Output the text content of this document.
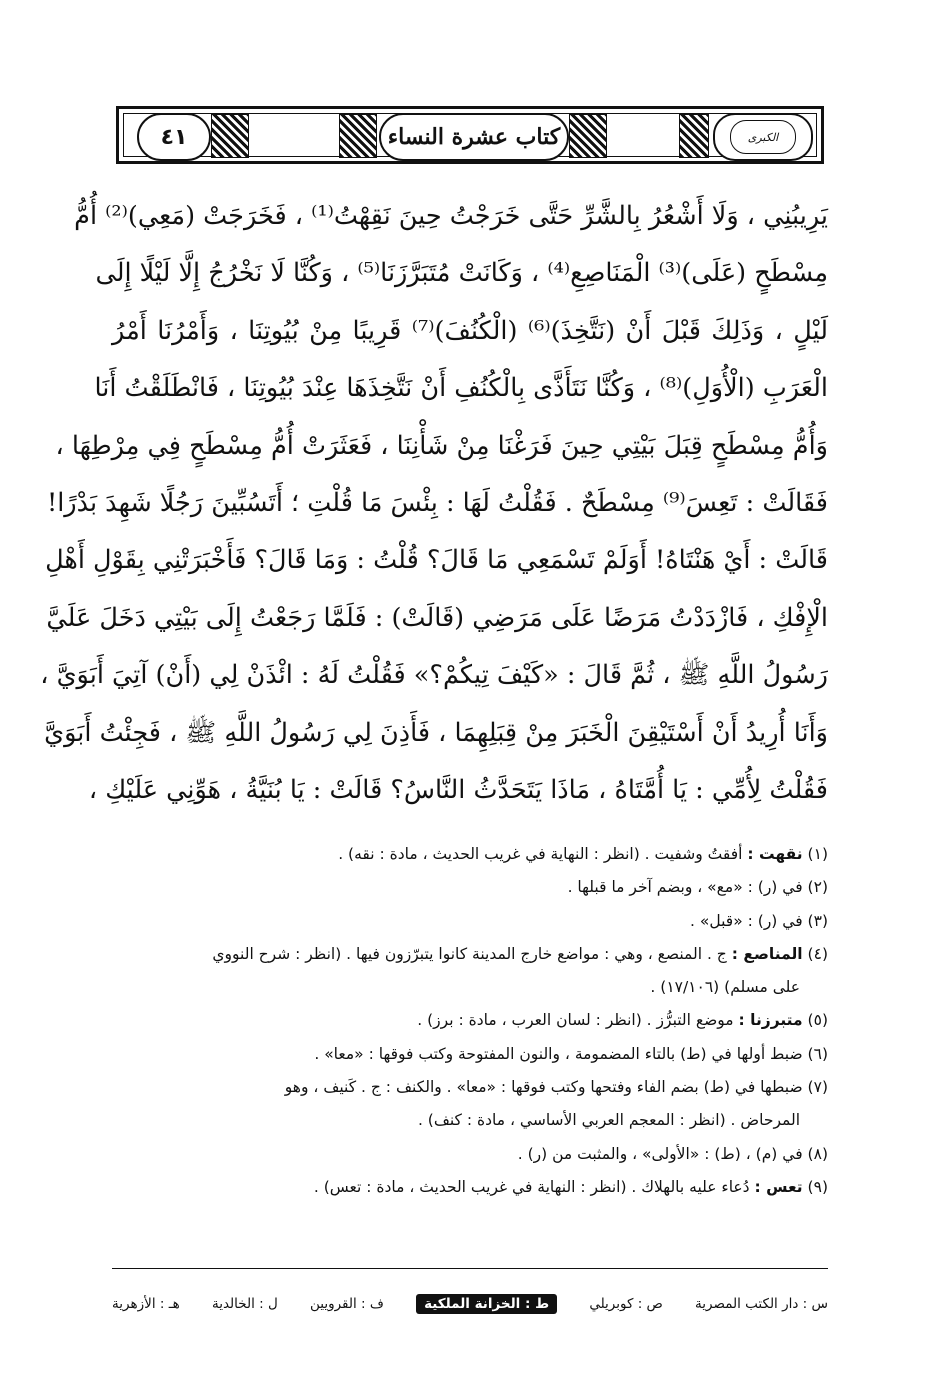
٤١	كتاب عشرة النساء	الكبرى
يَرِيبُنِي ، وَلَا أَشْعُرُ بِالشَّرِّ حَتَّى خَرَجْتُ حِينَ نَقِهْتُ⁽¹⁾ ، فَخَرَجَتْ (مَعِي)⁽²⁾ أُمُّ
مِسْطَحٍ (عَلَى)⁽³⁾ الْمَنَاصِعِ⁽⁴⁾ ، وَكَانَتْ مُتَبَرَّزَنَا⁽⁵⁾ ، وَكُنَّا لَا نَخْرُجُ إِلَّا لَيْلًا إِلَى
لَيْلٍ ، وَذَلِكَ قَبْلَ أَنْ (نَتَّخِذَ)⁽⁶⁾ (الْكُنُفَ)⁽⁷⁾ قَرِيبًا مِنْ بُيُوتِنَا ، وَأَمْرُنَا أَمْرُ
الْعَرَبِ (الْأُوَلِ)⁽⁸⁾ ، وَكُنَّا نَتَأَذَّى بِالْكُنُفِ أَنْ نَتَّخِذَهَا عِنْدَ بُيُوتِنَا ، فَانْطَلَقْتُ أَنَا
وَأُمُّ مِسْطَحٍ قِبَلَ بَيْتِي حِينَ فَرَغْنَا مِنْ شَأْنِنَا ، فَعَثَرَتْ أُمُّ مِسْطَحٍ فِي مِرْطِهَا ،
فَقَالَتْ : تَعِسَ⁽⁹⁾ مِسْطَحٌ . فَقُلْتُ لَهَا : بِئْسَ مَا قُلْتِ ؛ أَتَسُبِّينَ رَجُلًا شَهِدَ بَدْرًا!
قَالَتْ : أَيْ هَنْتَاهُ! أَوَلَمْ تَسْمَعِي مَا قَالَ؟ قُلْتُ : وَمَا قَالَ؟ فَأَخْبَرَتْنِي بِقَوْلِ أَهْلِ
الْإِفْكِ ، فَازْدَدْتُ مَرَضًا عَلَى مَرَضِي (قَالَتْ) : فَلَمَّا رَجَعْتُ إِلَى بَيْتِي دَخَلَ عَلَيَّ
رَسُولُ اللَّهِ ﷺ ، ثُمَّ قَالَ : «كَيْفَ تِيكُمْ؟» فَقُلْتُ لَهُ : ائْذَنْ لِي (أَنْ) آتِيَ أَبَوَيَّ ،
وَأَنَا أُرِيدُ أَنْ أَسْتَيْقِنَ الْخَبَرَ مِنْ قِبَلِهِمَا ، فَأَذِنَ لِي رَسُولُ اللَّهِ ﷺ ، فَجِئْتُ أَبَوَيَّ
فَقُلْتُ لِأُمِّي : يَا أُمَّتَاهُ ، مَاذَا يَتَحَدَّثُ النَّاسُ؟ قَالَتْ : يَا بُنَيَّةُ ، هَوِّنِي عَلَيْكِ ،
(١) نقهت : أفقتُ وشفيت . (انظر : النهاية في غريب الحديث ، مادة : نقه) .
(٢) في (ر) : «مع» ، وبضم آخر ما قبلها .
(٣) في (ر) : «قبل» .
(٤) المناصع : ج . المنصع ، وهي : مواضع خارج المدينة كانوا يتبرّزون فيها . (انظر : شرح النووي
على مسلم) (١٧/١٠٦) .
(٥) متبرزنا : موضع التبرُّز . (انظر : لسان العرب ، مادة : برز) .
(٦) ضبط أولها في (ط) بالتاء المضمومة ، والنون المفتوحة وكتب فوقها : «معا» .
(٧) ضبطها في (ط) بضم الفاء وفتحها وكتب فوقها : «معا» . والكنف : ج . كَنيف ، وهو
المرحاض . (انظر : المعجم العربي الأساسي ، مادة : كنف) .
(٨) في (م) ، (ط) : «الأولى» ، والمثبت من (ر) .
(٩) تعس : دُعاء عليه بالهلاك . (انظر : النهاية في غريب الحديث ، مادة : تعس) .
س : دار الكتب المصرية
ص : كوبريلي
ط : الخزانة الملكية
ف : القرويين
ل : الخالدية
هـ : الأزهرية
